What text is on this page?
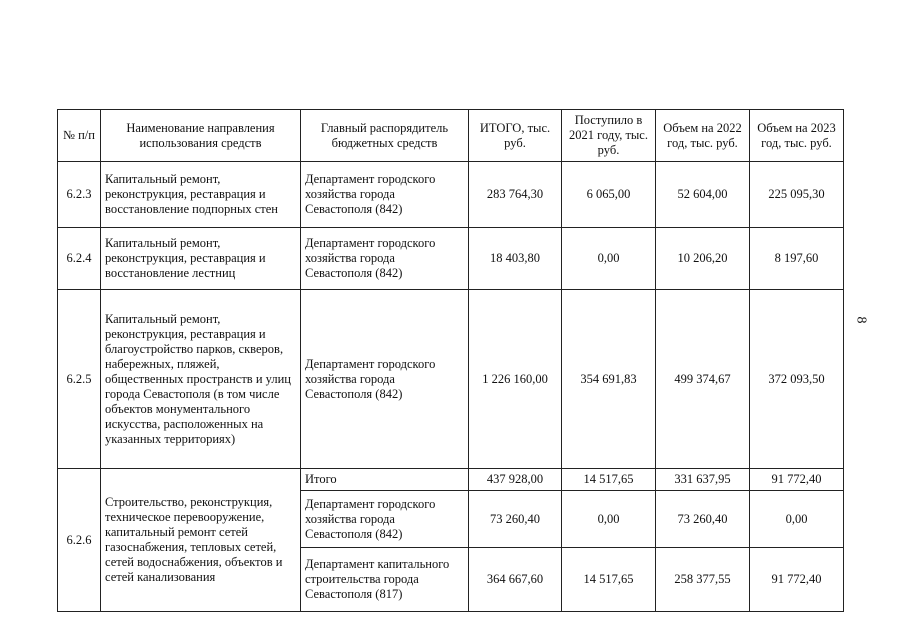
№ п/п	Наименование направления использования средств	Главный распорядитель бюджетных средств	ИТОГО, тыс. руб.	Поступило в 2021 году, тыс. руб.	Объем на 2022 год, тыс. руб.	Объем на 2023 год, тыс. руб.
6.2.3	Капитальный ремонт, реконструкция, реставрация и восстановление подпорных стен	Департамент городского хозяйства города Севастополя (842)	283 764,30	6 065,00	52 604,00	225 095,30
6.2.4	Капитальный ремонт, реконструкция, реставрация и восстановление лестниц	Департамент городского хозяйства города Севастополя (842)	18 403,80	0,00	10 206,20	8 197,60
6.2.5	Капитальный ремонт, реконструкция, реставрация и благоустройство парков, скверов, набережных, пляжей, общественных пространств и улиц города Севастополя (в том числе объектов монументального искусства, расположенных на указанных территориях)	Департамент городского хозяйства города Севастополя (842)	1 226 160,00	354 691,83	499 374,67	372 093,50
6.2.6	Строительство, реконструкция, техническое перевооружение, капитальный ремонт сетей газоснабжения, тепловых сетей, сетей водоснабжения, объектов и сетей канализования	Итого	437 928,00	14 517,65	331 637,95	91 772,40
		Департамент городского хозяйства города Севастополя (842)	73 260,40	0,00	73 260,40	0,00
		Департамент капитального строительства города Севастополя (817)	364 667,60	14 517,65	258 377,55	91 772,40
8
